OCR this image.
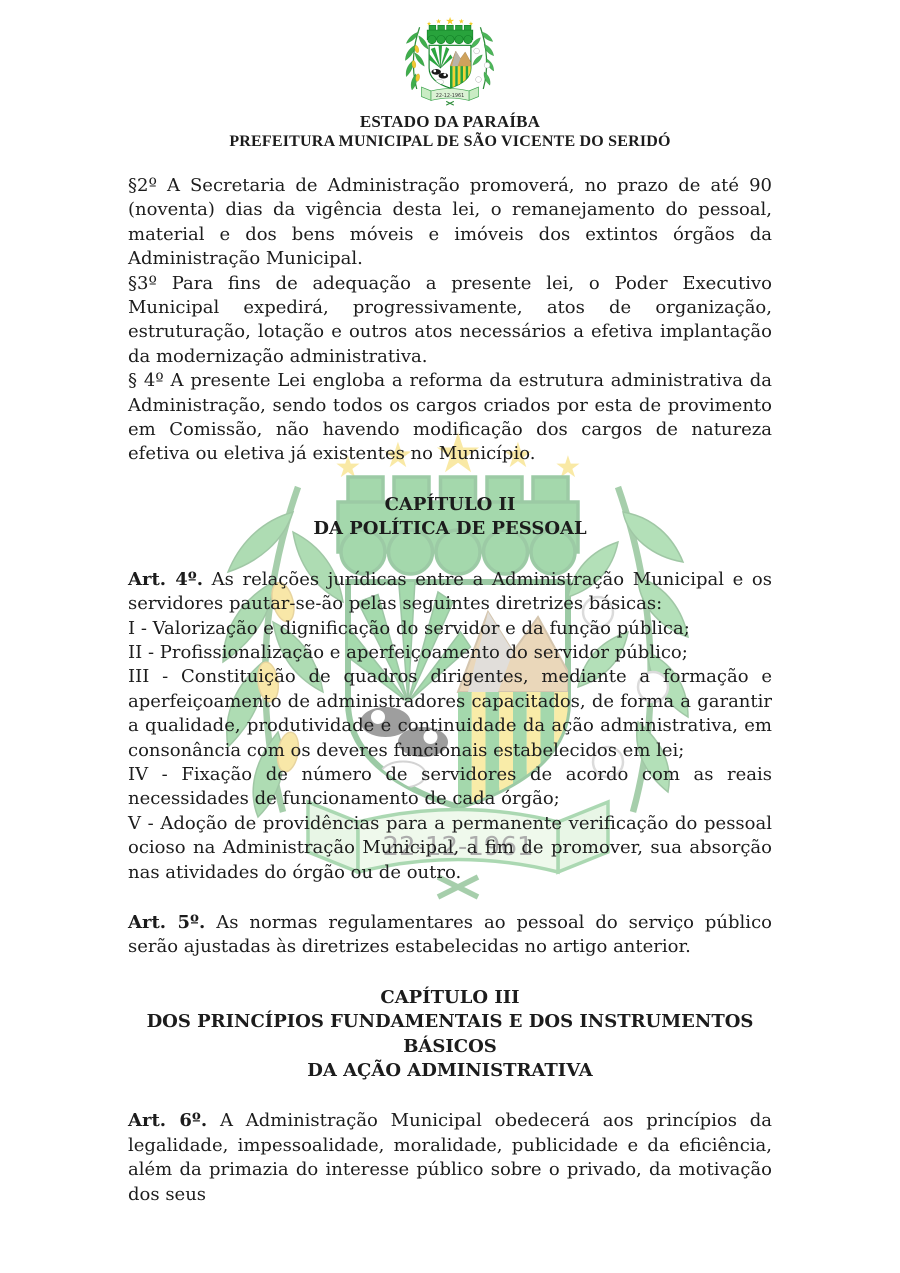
ESTADO DA PARAÍBA
PREFEITURA MUNICIPAL DE SÃO VICENTE DO SERIDÓ

§2º A Secretaria de Administração promoverá, no prazo de até 90 (noventa) dias da vigência desta lei, o remanejamento do pessoal, material e dos bens móveis e imóveis dos extintos órgãos da Administração Municipal.

§3º Para fins de adequação a presente lei, o Poder Executivo Municipal expedirá, progressivamente, atos de organização, estruturação, lotação e outros atos necessários a efetiva implantação da modernização administrativa.

§ 4º A presente Lei engloba a reforma da estrutura administrativa da Administração, sendo todos os cargos criados por esta de provimento em Comissão, não havendo modificação dos cargos de natureza efetiva ou eletiva já existentes no Município.

CAPÍTULO II
DA POLÍTICA DE PESSOAL

Art. 4º. As relações jurídicas entre a Administração Municipal e os servidores pautar-se-ão pelas seguintes diretrizes básicas:

I - Valorização e dignificação do servidor e da função pública;

II - Profissionalização e aperfeiçoamento do servidor público;

III - Constituição de quadros dirigentes, mediante a formação e aperfeiçoamento de administradores capacitados, de forma a garantir a qualidade, produtividade e continuidade da ação administrativa, em consonância com os deveres funcionais estabelecidos em lei;

IV - Fixação de número de servidores de acordo com as reais necessidades de funcionamento de cada órgão;

V - Adoção de providências para a permanente verificação do pessoal ocioso na Administração Municipal, a fim de promover, sua absorção nas atividades do órgão ou de outro.

Art. 5º. As normas regulamentares ao pessoal do serviço público serão ajustadas às diretrizes estabelecidas no artigo anterior.

CAPÍTULO III
DOS PRINCÍPIOS FUNDAMENTAIS E DOS INSTRUMENTOS BÁSICOS
DA AÇÃO ADMINISTRATIVA

Art. 6º. A Administração Municipal obedecerá aos princípios da legalidade, impessoalidade, moralidade, publicidade e da eficiência, além da primazia do interesse público sobre o privado, da motivação dos seus
